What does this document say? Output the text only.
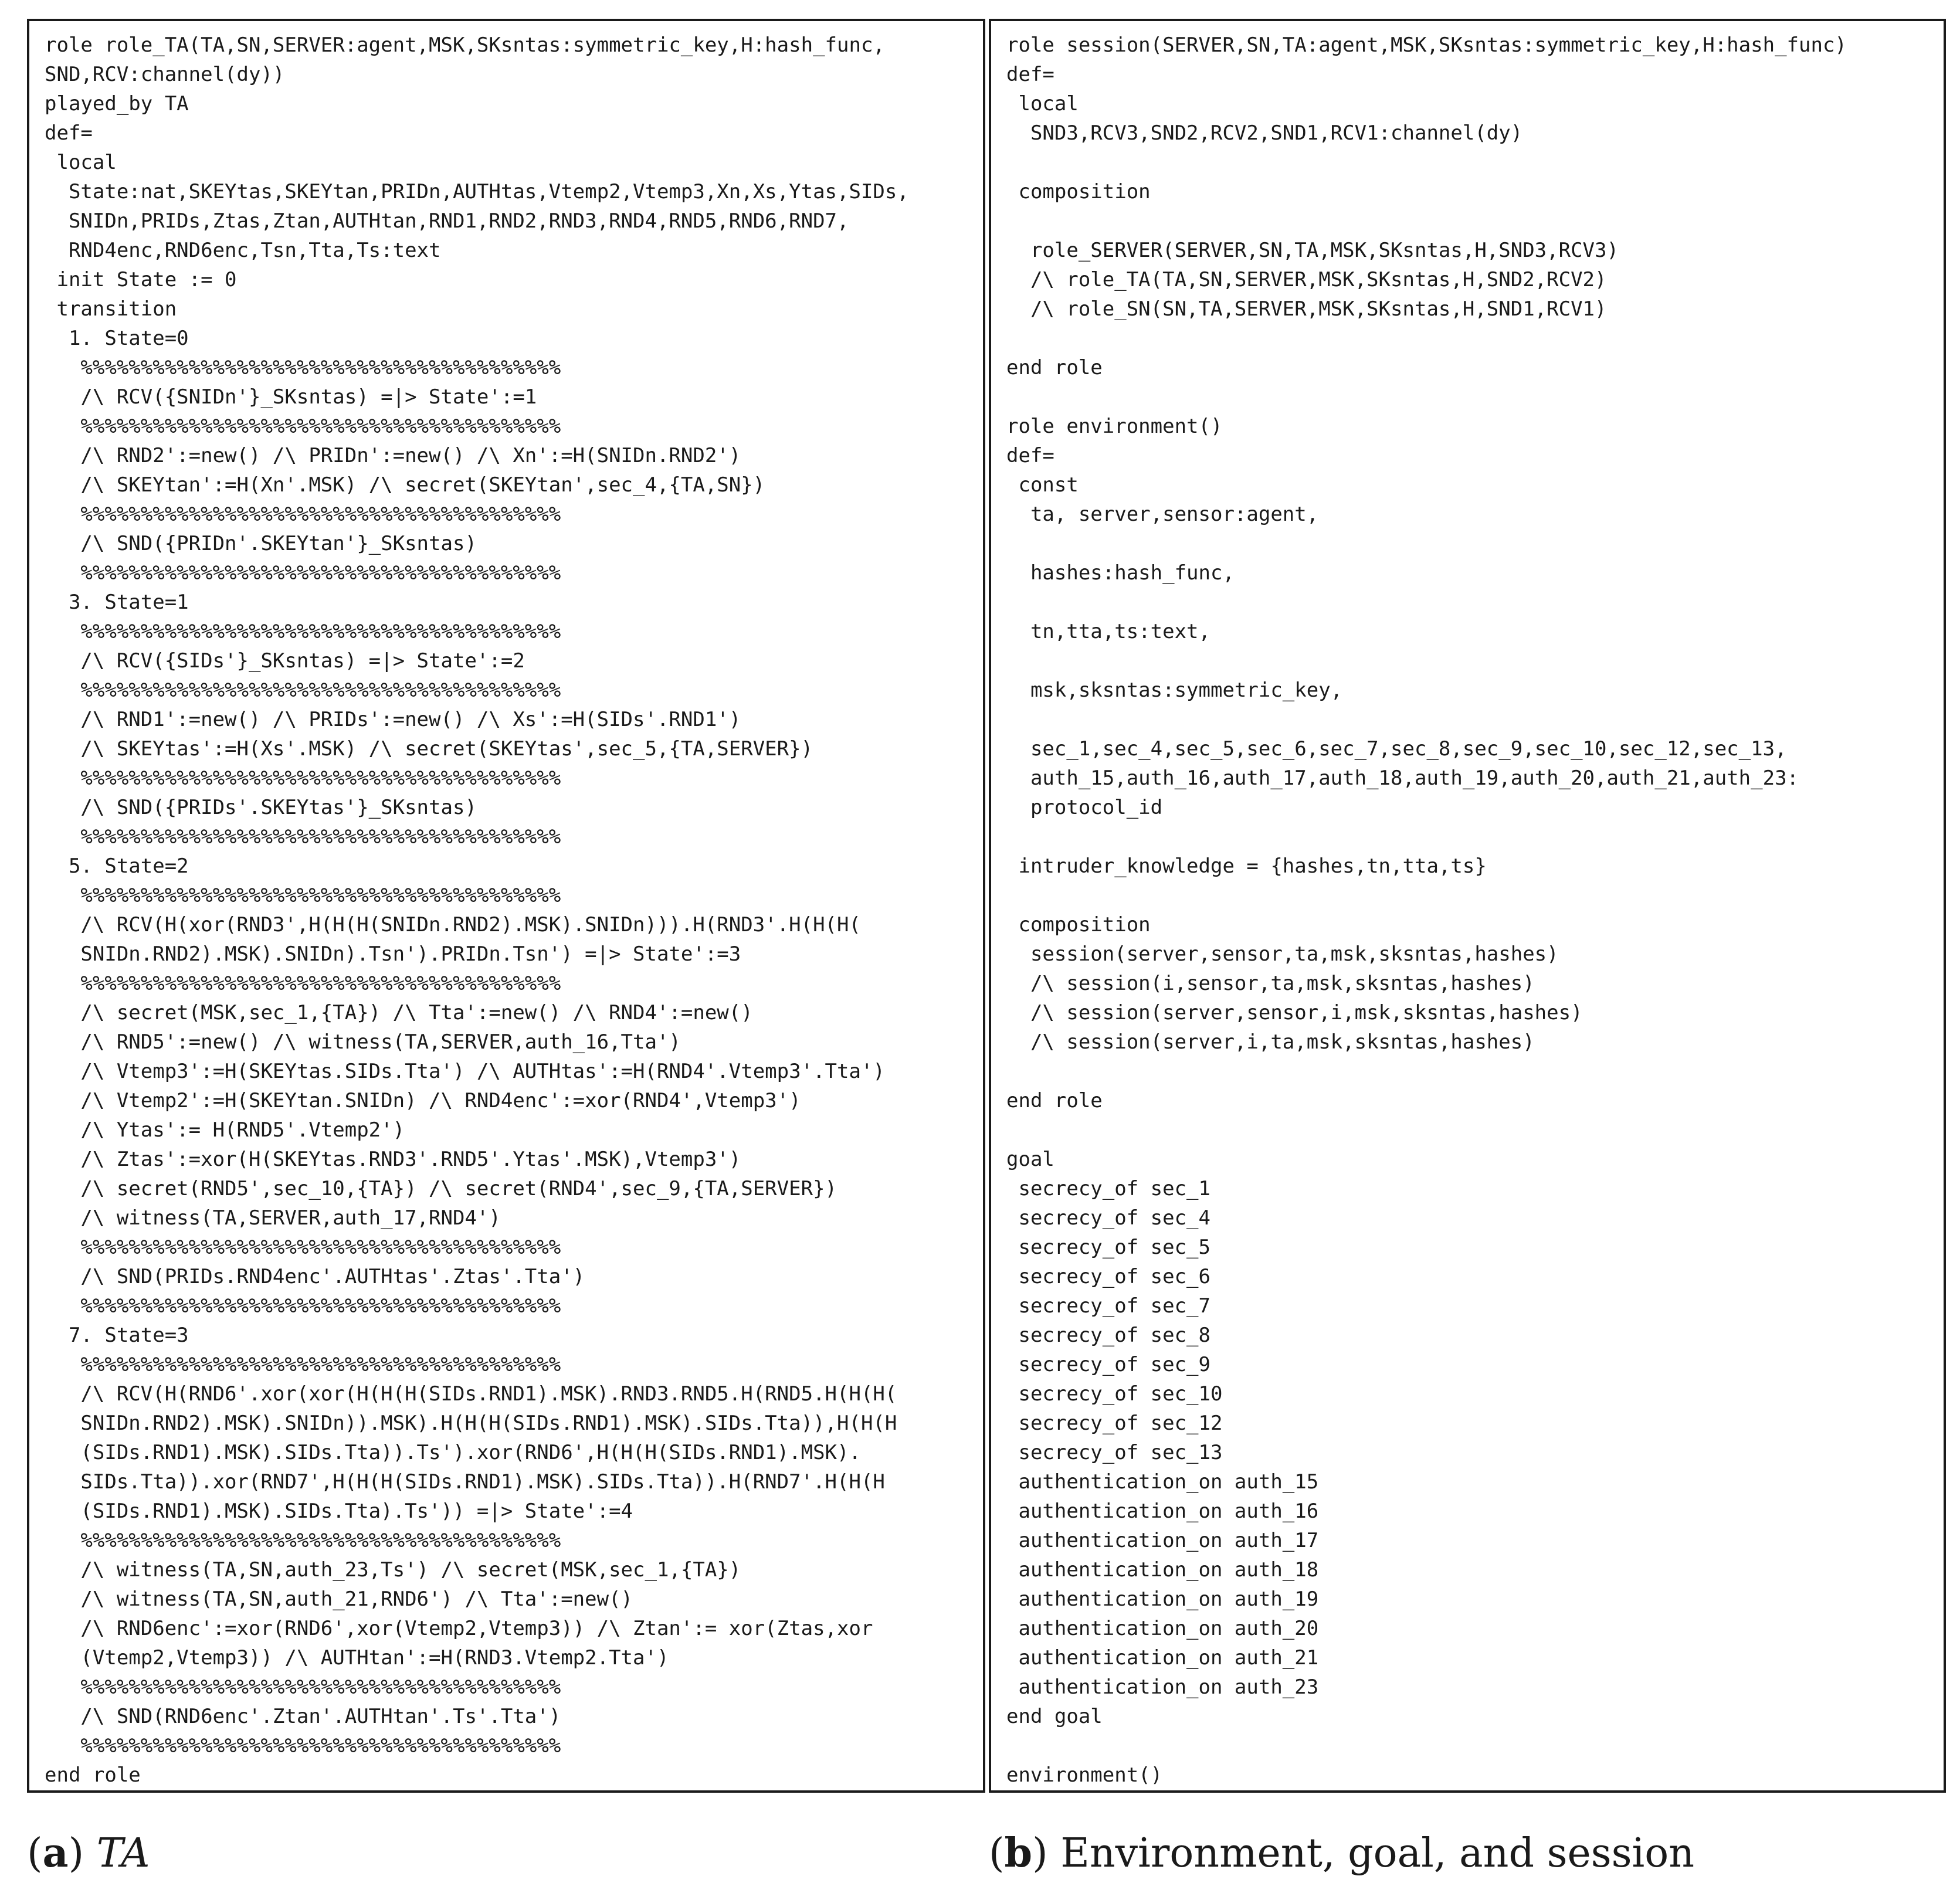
role role_TA(TA,SN,SERVER:agent,MSK,SKsntas:symmetric_key,H:hash_func,
SND,RCV:channel(dy))
played_by TA
def=
local
State:nat,SKEYtas,SKEYtan,PRIDn,AUTHtas,Vtemp2,Vtemp3,Xn,Xs,Ytas,SIDs,
SNIDn,PRIDs,Ztas,Ztan,AUTHtan,RND1,RND2,RND3,RND4,RND5,RND6,RND7,
RND4enc,RND6enc,Tsn,Tta,Ts:text
init State := 0
transition
1. State=0
%%%%%%%%%%%%%%%%%%%%%%%%%%%%%%%%%%%%%%%%
/\ RCV({SNIDn'}_SKsntas) =|> State':=1
%%%%%%%%%%%%%%%%%%%%%%%%%%%%%%%%%%%%%%%%
/\ RND2':=new() /\ PRIDn':=new() /\ Xn':=H(SNIDn.RND2')
/\ SKEYtan':=H(Xn'.MSK) /\ secret(SKEYtan',sec_4,{TA,SN})
%%%%%%%%%%%%%%%%%%%%%%%%%%%%%%%%%%%%%%%%
/\ SND({PRIDn'.SKEYtan'}_SKsntas)
%%%%%%%%%%%%%%%%%%%%%%%%%%%%%%%%%%%%%%%%
3. State=1
%%%%%%%%%%%%%%%%%%%%%%%%%%%%%%%%%%%%%%%%
/\ RCV({SIDs'}_SKsntas) =|> State':=2
%%%%%%%%%%%%%%%%%%%%%%%%%%%%%%%%%%%%%%%%
/\ RND1':=new() /\ PRIDs':=new() /\ Xs':=H(SIDs'.RND1')
/\ SKEYtas':=H(Xs'.MSK) /\ secret(SKEYtas',sec_5,{TA,SERVER})
%%%%%%%%%%%%%%%%%%%%%%%%%%%%%%%%%%%%%%%%
/\ SND({PRIDs'.SKEYtas'}_SKsntas)
%%%%%%%%%%%%%%%%%%%%%%%%%%%%%%%%%%%%%%%%
5. State=2
%%%%%%%%%%%%%%%%%%%%%%%%%%%%%%%%%%%%%%%%
/\ RCV(H(xor(RND3',H(H(H(SNIDn.RND2).MSK).SNIDn))).H(RND3'.H(H(H(
SNIDn.RND2).MSK).SNIDn).Tsn').PRIDn.Tsn') =|> State':=3
%%%%%%%%%%%%%%%%%%%%%%%%%%%%%%%%%%%%%%%%
/\ secret(MSK,sec_1,{TA}) /\ Tta':=new() /\ RND4':=new()
/\ RND5':=new() /\ witness(TA,SERVER,auth_16,Tta')
/\ Vtemp3':=H(SKEYtas.SIDs.Tta') /\ AUTHtas':=H(RND4'.Vtemp3'.Tta')
/\ Vtemp2':=H(SKEYtan.SNIDn) /\ RND4enc':=xor(RND4',Vtemp3')
/\ Ytas':= H(RND5'.Vtemp2')
/\ Ztas':=xor(H(SKEYtas.RND3'.RND5'.Ytas'.MSK),Vtemp3')
/\ secret(RND5',sec_10,{TA}) /\ secret(RND4',sec_9,{TA,SERVER})
/\ witness(TA,SERVER,auth_17,RND4')
%%%%%%%%%%%%%%%%%%%%%%%%%%%%%%%%%%%%%%%%
/\ SND(PRIDs.RND4enc'.AUTHtas'.Ztas'.Tta')
%%%%%%%%%%%%%%%%%%%%%%%%%%%%%%%%%%%%%%%%
7. State=3
%%%%%%%%%%%%%%%%%%%%%%%%%%%%%%%%%%%%%%%%
/\ RCV(H(RND6'.xor(xor(H(H(H(SIDs.RND1).MSK).RND3.RND5.H(RND5.H(H(H(
SNIDn.RND2).MSK).SNIDn)).MSK).H(H(H(SIDs.RND1).MSK).SIDs.Tta)),H(H(H
(SIDs.RND1).MSK).SIDs.Tta)).Ts').xor(RND6',H(H(H(SIDs.RND1).MSK).
SIDs.Tta)).xor(RND7',H(H(H(SIDs.RND1).MSK).SIDs.Tta)).H(RND7'.H(H(H
(SIDs.RND1).MSK).SIDs.Tta).Ts')) =|> State':=4
%%%%%%%%%%%%%%%%%%%%%%%%%%%%%%%%%%%%%%%%
/\ witness(TA,SN,auth_23,Ts') /\ secret(MSK,sec_1,{TA})
/\ witness(TA,SN,auth_21,RND6') /\ Tta':=new()
/\ RND6enc':=xor(RND6',xor(Vtemp2,Vtemp3)) /\ Ztan':= xor(Ztas,xor
(Vtemp2,Vtemp3)) /\ AUTHtan':=H(RND3.Vtemp2.Tta')
%%%%%%%%%%%%%%%%%%%%%%%%%%%%%%%%%%%%%%%%
/\ SND(RND6enc'.Ztan'.AUTHtan'.Ts'.Tta')
%%%%%%%%%%%%%%%%%%%%%%%%%%%%%%%%%%%%%%%%
end role
role session(SERVER,SN,TA:agent,MSK,SKsntas:symmetric_key,H:hash_func)
def=
local
SND3,RCV3,SND2,RCV2,SND1,RCV1:channel(dy)

composition

role_SERVER(SERVER,SN,TA,MSK,SKsntas,H,SND3,RCV3)
/\ role_TA(TA,SN,SERVER,MSK,SKsntas,H,SND2,RCV2)
/\ role_SN(SN,TA,SERVER,MSK,SKsntas,H,SND1,RCV1)

end role

role environment()
def=
const
ta, server,sensor:agent,

hashes:hash_func,

tn,tta,ts:text,

msk,sksntas:symmetric_key,

sec_1,sec_4,sec_5,sec_6,sec_7,sec_8,sec_9,sec_10,sec_12,sec_13,
auth_15,auth_16,auth_17,auth_18,auth_19,auth_20,auth_21,auth_23:
protocol_id

intruder_knowledge = {hashes,tn,tta,ts}

composition
session(server,sensor,ta,msk,sksntas,hashes)
/\ session(i,sensor,ta,msk,sksntas,hashes)
/\ session(server,sensor,i,msk,sksntas,hashes)
/\ session(server,i,ta,msk,sksntas,hashes)

end role

goal
secrecy_of sec_1
secrecy_of sec_4
secrecy_of sec_5
secrecy_of sec_6
secrecy_of sec_7
secrecy_of sec_8
secrecy_of sec_9
secrecy_of sec_10
secrecy_of sec_12
secrecy_of sec_13
authentication_on auth_15
authentication_on auth_16
authentication_on auth_17
authentication_on auth_18
authentication_on auth_19
authentication_on auth_20
authentication_on auth_21
authentication_on auth_23
end goal

environment()
(a) TA	(b) Environment, goal, and session
